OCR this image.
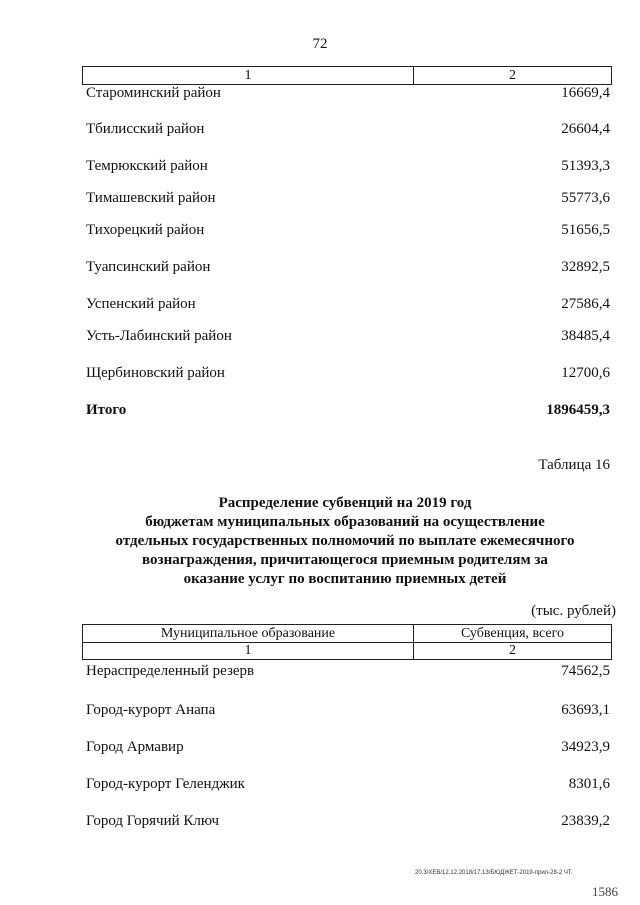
72
1	2
Староминский район	16669,4
Тбилисский район	26604,4
Темрюкский район	51393,3
Тимашевский район	55773,6
Тихорецкий район	51656,5
Туапсинский район	32892,5
Успенский район	27586,4
Усть-Лабинский район	38485,4
Щербиновский район	12700,6
Итого	1896459,3
Таблица 16
Распределение субвенций на 2019 год
бюджетам муниципальных образований на осуществление
отдельных государственных полномочий по выплате ежемесячного
вознаграждения, причитающегося приемным родителям за
оказание услуг по воспитанию приемных детей
(тыс. рублей)
Муниципальное образование	Субвенция, всего
1	2
Нераспределенный резерв	74562,5
Город-курорт Анапа	63693,1
Город Армавир	34923,9
Город-курорт Геленджик	8301,6
Город Горячий Ключ	23839,2
20.3/ХЕВ/12.12.2018/17:13/БЮДЖЕТ-2019-прил-28-2 ЧТ.
1586
